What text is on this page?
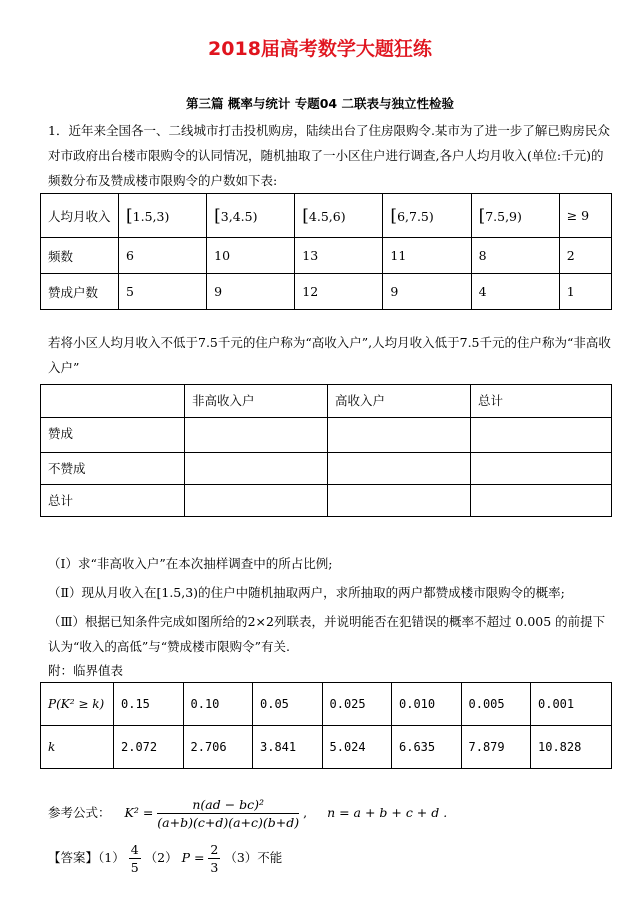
2018届高考数学大题狂练
第三篇 概率与统计 专题04 二联表与独立性检验
1．近年来全国各一、二线城市打击投机购房，陆续出台了住房限购令.某市为了进一步了解已购房民众对市政府出台楼市限购令的认同情况，随机抽取了一小区住户进行调查,各户人均月收入(单位:千元)的频数分布及赞成楼市限购令的户数如下表:
人均月收入	[1.5,3)	[3,4.5)	[4.5,6)	[6,7.5)	[7.5,9)	≥ 9
频数	6	10	13	11	8	2
赞成户数	5	9	12	9	4	1
若将小区人均月收入不低于7.5千元的住户称为“高收入户”,人均月收入低于7.5千元的住户称为“非高收入户”
	非高收入户	高收入户	总计
赞成			
不赞成			
总计			
（Ⅰ）求“非高收入户”在本次抽样调查中的所占比例;
（Ⅱ）现从月收入在[1.5,3)的住户中随机抽取两户，求所抽取的两户都赞成楼市限购令的概率;
（Ⅲ）根据已知条件完成如图所给的2×2列联表，并说明能否在犯错误的概率不超过 0.005 的前提下认为“收入的高低”与“赞成楼市限购令”有关.
附：临界值表
P(K² ≥ k)	0.15	0.10	0.05	0.025	0.010	0.005	0.001
k	2.072	2.706	3.841	5.024	6.635	7.879	10.828
参考公式： $K^2 = \frac{\text{n(ad − bc)²}}{(a+b)(c+d)(a+c)(b+d)}$ , n = a + b + c + d .
【答案】$(1) \frac{4}{5} (2) P = \frac{2}{3} (3)$不能
